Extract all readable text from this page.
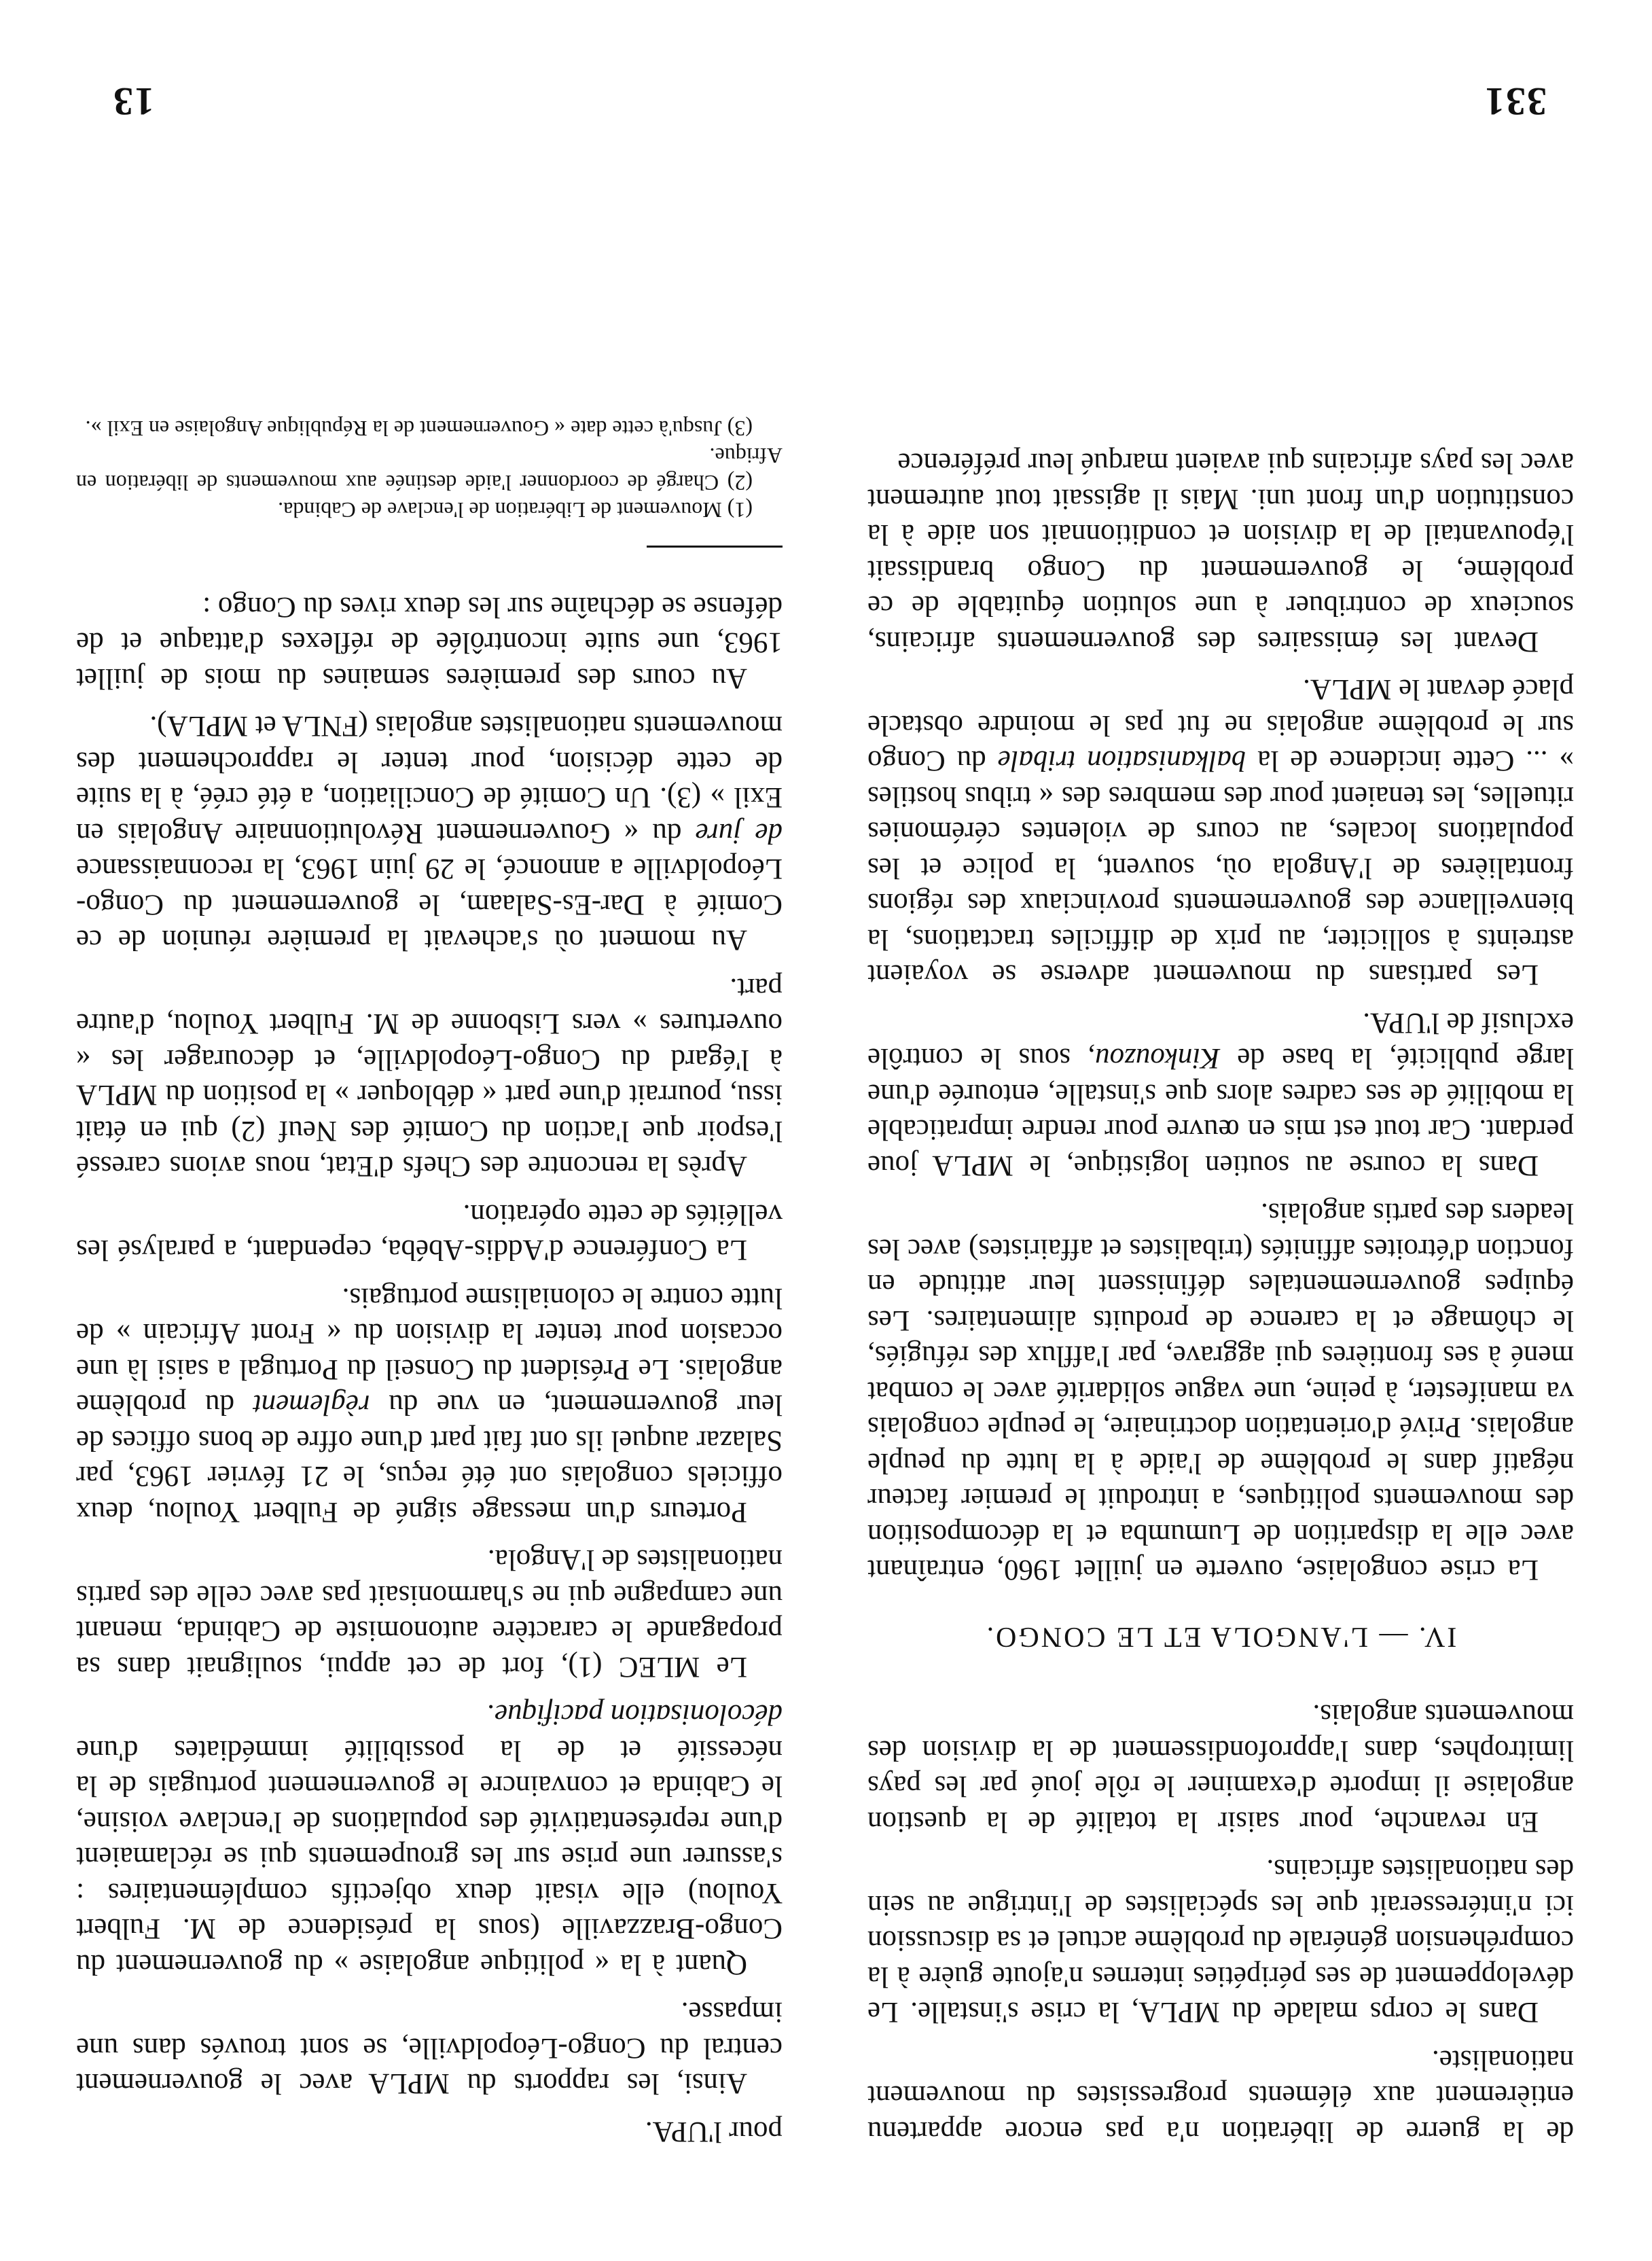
13	331

de la guerre de libération n'a pas encore appartenu entièrement aux éléments progressistes du mouvement nationaliste.

Dans le corps malade du MPLA, la crise s'installe. Le développement de ses péripéties internes n'ajoute guère à la compréhension générale du problème actuel et sa discussion ici n'intéresserait que les spécialistes de l'intrigue au sein des nationalistes africains.

En revanche, pour saisir la totalité de la question angolaise il importe d'examiner le rôle joué par les pays limitrophes, dans l'approfondissement de la division des mouvements angolais.

IV. — L'ANGOLA ET LE CONGO.

La crise congolaise, ouverte en juillet 1960, entraînant avec elle la disparition de Lumumba et la décomposition des mouvements politiques, a introduit le premier facteur négatif dans le problème de l'aide à la lutte du peuple angolais. Privé d'orientation doctrinaire, le peuple congolais va manifester, à peine, une vague solidarité avec le combat mené à ses frontières qui aggrave, par l'afflux des réfugiés, le chômage et la carence de produits alimentaires. Les équipes gouvernementales définissent leur attitude en fonction d'étroites affinités (tribalistes et affairistes) avec les leaders des partis angolais.

Dans la course au soutien logistique, le MPLA joue perdant. Car tout est mis en œuvre pour rendre impraticable la mobilité de ses cadres alors que s'installe, entourée d'une large publicité, la base de Kinkouzou, sous le contrôle exclusif de l'UPA.

Les partisans du mouvement adverse se voyaient astreints à solliciter, au prix de difficiles tractations, la bienveillance des gouvernements provinciaux des régions frontalières de l'Angola où, souvent, la police et les populations locales, au cours de violentes cérémonies rituelles, les tenaient pour des membres des « tribus hostiles » ... Cette incidence de la balkanisation tribale du Congo sur le problème angolais ne fut pas le moindre obstacle placé devant le MPLA.

Devant les émissaires des gouvernements africains, soucieux de contribuer à une solution équitable de ce problème, le gouvernement du Congo brandissait l'épouvantail de la division et conditionnait son aide à la constitution d'un front uni. Mais il agissait tout autrement avec les pays africains qui avaient marqué leur préférence

pour l'UPA.

Ainsi, les rapports du MPLA avec le gouvernement central du Congo-Léopoldville, se sont trouvés dans une impasse.

Quant à la « politique angolaise » du gouvernement du Congo-Brazzaville (sous la présidence de M. Fulbert Youlou) elle visait deux objectifs complémentaires : s'assurer une prise sur les groupements qui se réclamaient d'une représentativité des populations de l'enclave voisine, le Cabinda et convaincre le gouvernement portugais de la nécessité et de la possibilité immédiates d'une décolonisation pacifique.

Le MLEC (1), fort de cet appui, soulignait dans sa propagande le caractère autonomiste de Cabinda, menant une campagne qui ne s'harmonisait pas avec celle des partis nationalistes de l'Angola.

Porteurs d'un message signé de Fulbert Youlou, deux officiels congolais ont été reçus, le 21 février 1963, par Salazar auquel ils ont fait part d'une offre de bons offices de leur gouvernement, en vue du règlement du problème angolais. Le Président du Conseil du Portugal a saisi là une occasion pour tenter la division du « Front Africain » de lutte contre le colonialisme portugais.

La Conférence d'Addis-Abéba, cependant, a paralysé les velléités de cette opération.

Après la rencontre des Chefs d'Etat, nous avions caressé l'espoir que l'action du Comité des Neuf (2) qui en était issu, pourrait d'une part « débloquer » la position du MPLA à l'égard du Congo-Léopoldville, et décourager les « ouvertures » vers Lisbonne de M. Fulbert Youlou, d'autre part.

Au moment où s'achevait la première réunion de ce Comité à Dar-Es-Salaam, le gouvernement du Congo-Léopoldville a annoncé, le 29 juin 1963, la reconnaissance de jure du « Gouvernement Révolutionnaire Angolais en Exil » (3). Un Comité de Conciliation, a été créé, à la suite de cette décision, pour tenter le rapprochement des mouvements nationalistes angolais (FNLA et MPLA).

Au cours des premières semaines du mois de juillet 1963, une suite incontrôlée de réflexes d'attaque et de défense se déchaîne sur les deux rives du Congo :

(1) Mouvement de Libération de l'enclave de Cabinda.

(2) Chargé de coordonner l'aide destinée aux mouvements de libération en Afrique.

(3) Jusqu'à cette date « Gouvernement de la République Angolaise en Exil ».
